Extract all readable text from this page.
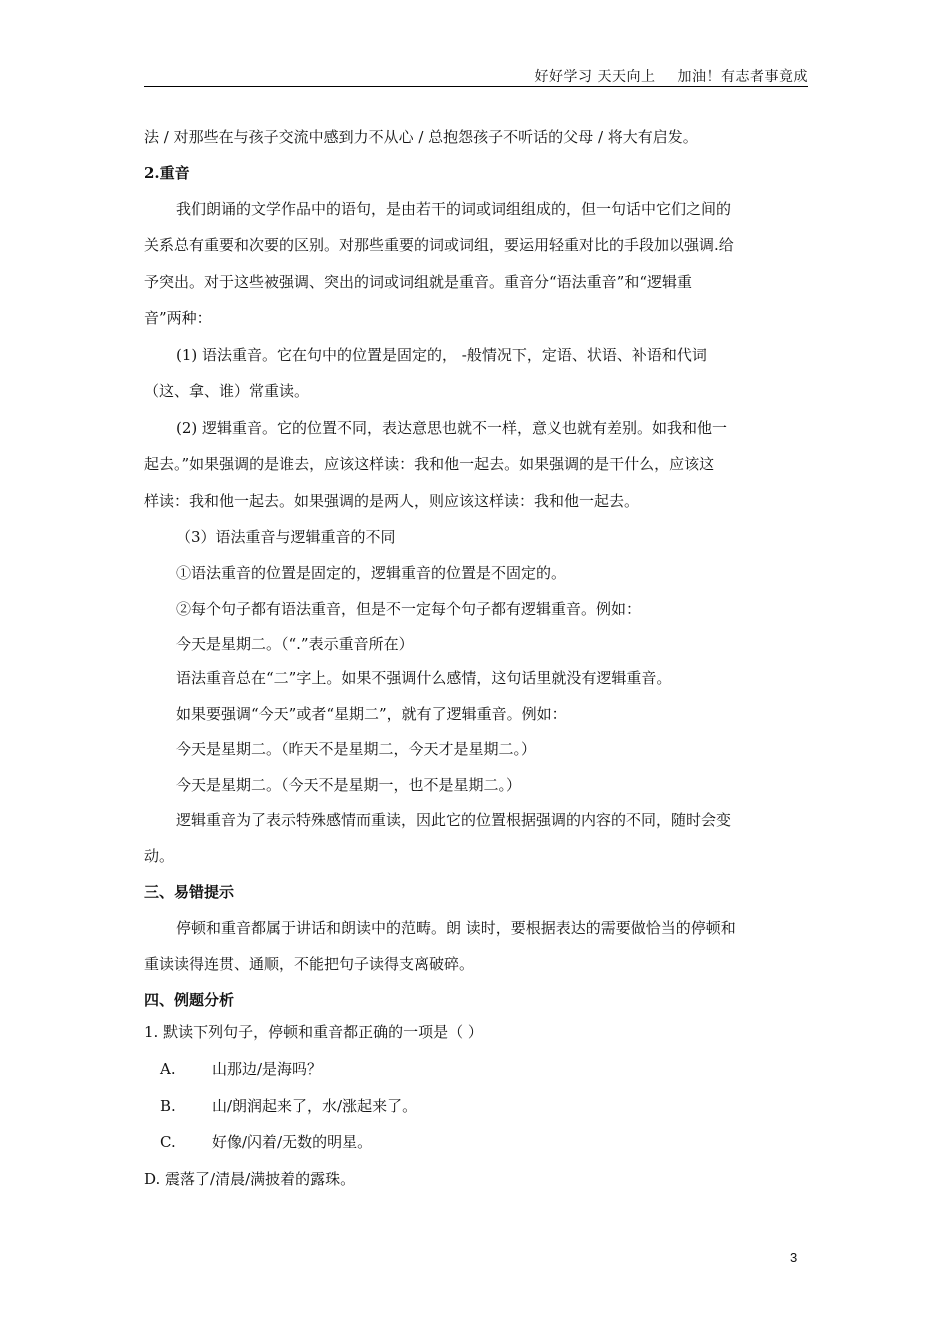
好好学习 天天向上 加油！有志者事竟成
法 / 对那些在与孩子交流中感到力不从心 / 总抱怨孩子不听话的父母 / 将大有启发。
2.重音
我们朗诵的文学作品中的语句，是由若干的词或词组组成的，但一句话中它们之间的
关系总有重要和次要的区别。对那些重要的词或词组，要运用轻重对比的手段加以强调.给
予突出。对于这些被强调、突出的词或词组就是重音。重音分“语法重音”和“逻辑重
音”两种：
(1) 语法重音。它在句中的位置是固定的， -般情况下，定语、状语、补语和代词
（这、拿、谁）常重读。
(2) 逻辑重音。它的位置不同，表达意思也就不一样，意义也就有差别。如我和他一
起去。”如果强调的是谁去，应该这样读：我和他一起去。如果强调的是干什么，应该这
样读：我和他一起去。如果强调的是两人，则应该这样读：我和他一起去。
（3）语法重音与逻辑重音的不同
①语法重音的位置是固定的，逻辑重音的位置是不固定的。
②每个句子都有语法重音，但是不一定每个句子都有逻辑重音。例如：
今天是星期二。（“.”表示重音所在）
语法重音总在“二”字上。如果不强调什么感情，这句话里就没有逻辑重音。
如果要强调“今天”或者“星期二”，就有了逻辑重音。例如：
今天是星期二。（昨天不是星期二，今天才是星期二。）
今天是星期二。（今天不是星期一，也不是星期二。）
逻辑重音为了表示特殊感情而重读，因此它的位置根据强调的内容的不同，随时会变
动。
三、易错提示
停顿和重音都属于讲话和朗读中的范畴。朗 读时，要根据表达的需要做恰当的停顿和
重读读得连贯、通顺，不能把句子读得支离破碎。
四、例题分析
1. 默读下列句子，停顿和重音都正确的一项是（ ）
A. 山那边/是海吗？
B. 山/朗润起来了，水/涨起来了。
C. 好像/闪着/无数的明星。
D. 震落了/清晨/满披着的露珠。
3
